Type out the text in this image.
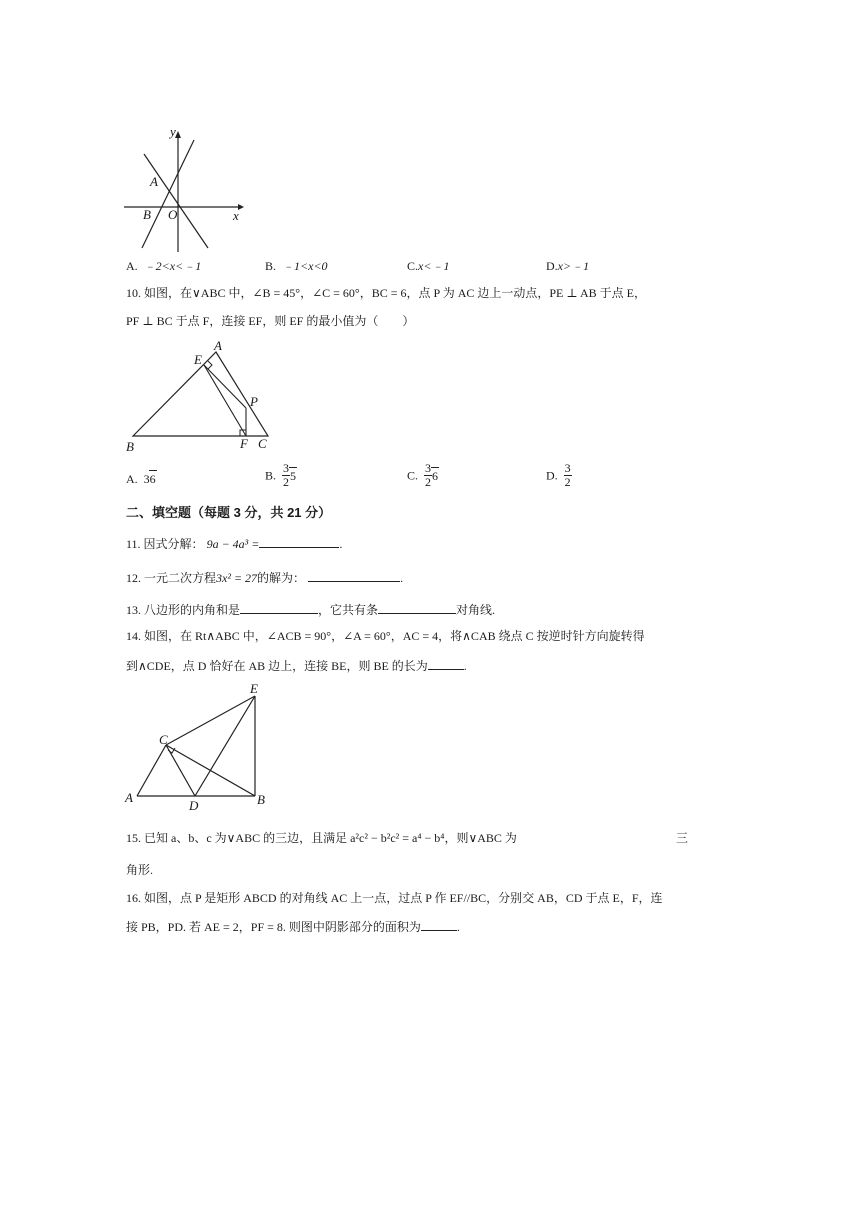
y
x
A
B O
A. ﹣2<x<﹣1	B. ﹣1<x<0	C.x<﹣1	D.x>﹣1
10. 如图，在∨ABC 中，∠B = 45°，∠C = 60°，BC = 6，点 P 为 AC 边上一动点，PE ⊥ AB 于点 E，
PF ⊥ BC 于点 F，连接 EF，则 EF 的最小值为（　　）
A
E
P
B	F C
A. 36	B. $\frac{3}{2} 5$	C. $\frac{3}{2} 6$	D. $\frac{3}{2}$
二、填空题（每题 3 分，共 21 分）
11. 因式分解： 9a − 4a³ =	.
12. 一元二次方程3x² = 27的解为：	.
13. 八边形的内角和是	，它共有条	对角线.
14. 如图，在 Rt∧ABC 中，∠ACB = 90°，∠A = 60°，AC = 4，将∧CAB 绕点 C 按逆时针方向旋转得
到∧CDE，点 D 恰好在 AB 边上，连接 BE，则 BE 的长为	.
E
C
A
D	B
15. 已知 a、b、c 为∨ABC 的三边，且满足 a²c² − b²c² = a⁴ − b⁴，则∨ABC 为	三
角形.
16. 如图，点 P 是矩形 ABCD 的对角线 AC 上一点，过点 P 作 EF//BC，分别交 AB，CD 于点 E，F，连
接 PB，PD. 若 AE = 2，PF = 8. 则图中阴影部分的面积为	.
